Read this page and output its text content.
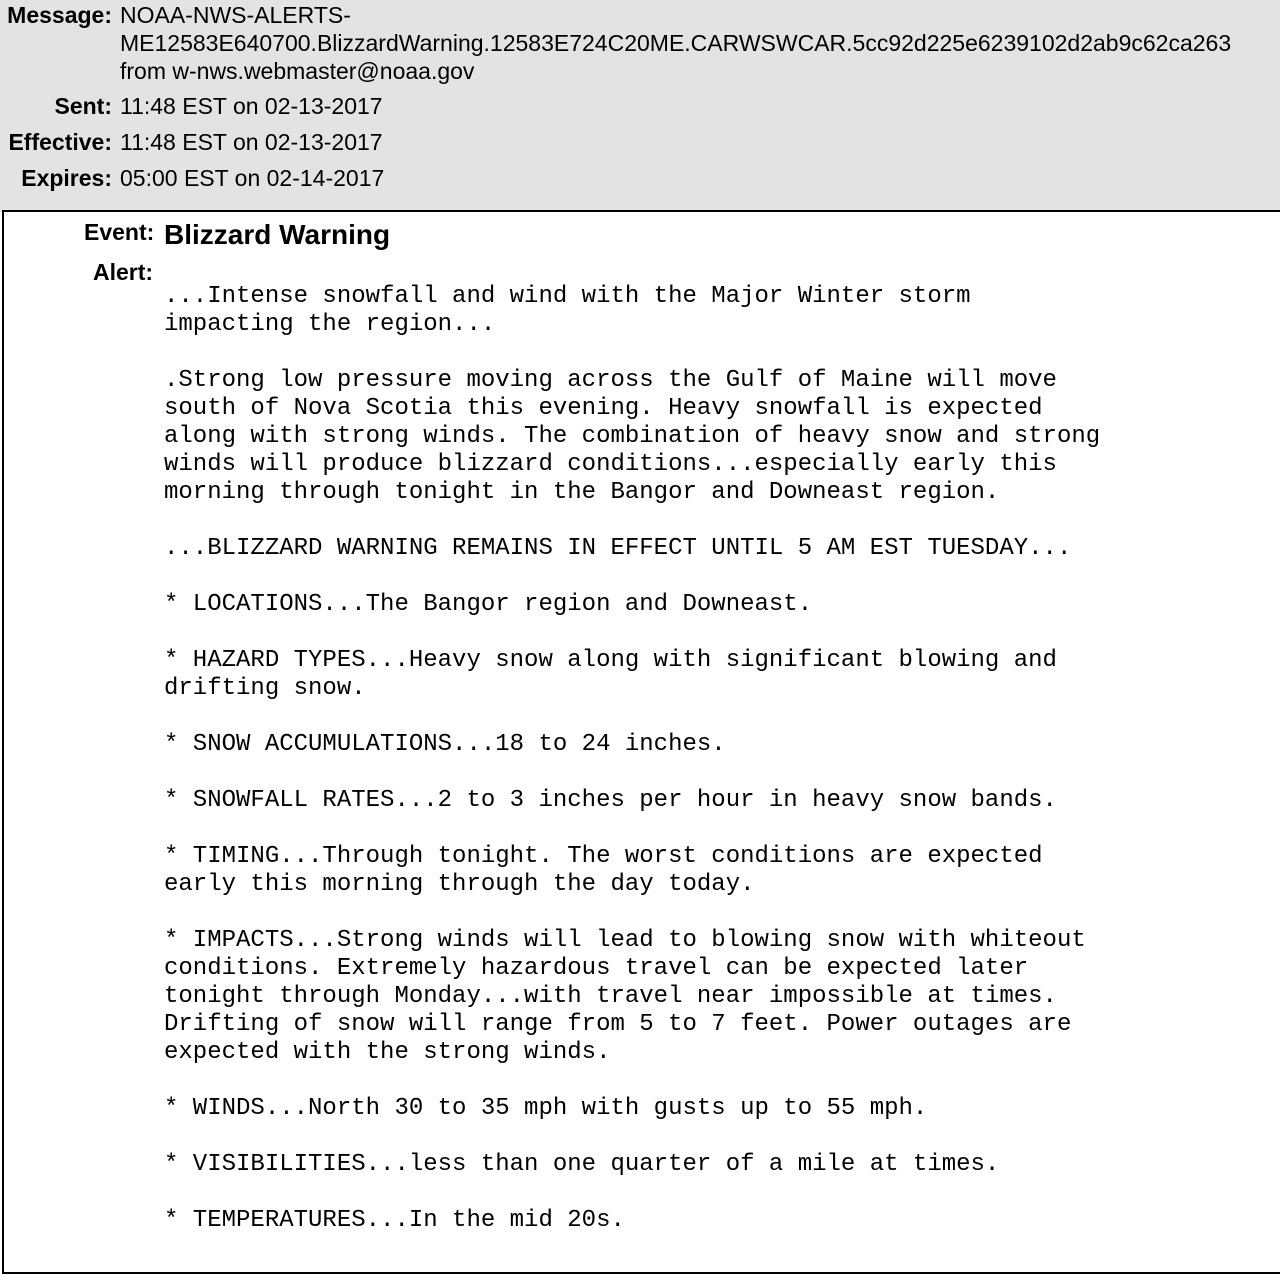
Message: NOAA-NWS-ALERTS-
ME12583E640700.BlizzardWarning.12583E724C20ME.CARWSWCAR.5cc92d225e6239102d2ab9c62ca263
from w-nws.webmaster@noaa.gov
Sent: 11:48 EST on 02-13-2017
Effective: 11:48 EST on 02-13-2017
Expires: 05:00 EST on 02-14-2017
Event: Blizzard Warning
Alert:
...Intense snowfall and wind with the Major Winter storm
impacting the region...

.Strong low pressure moving across the Gulf of Maine will move
south of Nova Scotia this evening. Heavy snowfall is expected
along with strong winds. The combination of heavy snow and strong
winds will produce blizzard conditions...especially early this
morning through tonight in the Bangor and Downeast region.

...BLIZZARD WARNING REMAINS IN EFFECT UNTIL 5 AM EST TUESDAY...

* LOCATIONS...The Bangor region and Downeast.

* HAZARD TYPES...Heavy snow along with significant blowing and
drifting snow.

* SNOW ACCUMULATIONS...18 to 24 inches.

* SNOWFALL RATES...2 to 3 inches per hour in heavy snow bands.

* TIMING...Through tonight. The worst conditions are expected
early this morning through the day today.

* IMPACTS...Strong winds will lead to blowing snow with whiteout
conditions. Extremely hazardous travel can be expected later
tonight through Monday...with travel near impossible at times.
Drifting of snow will range from 5 to 7 feet. Power outages are
expected with the strong winds.

* WINDS...North 30 to 35 mph with gusts up to 55 mph.

* VISIBILITIES...less than one quarter of a mile at times.

* TEMPERATURES...In the mid 20s.
